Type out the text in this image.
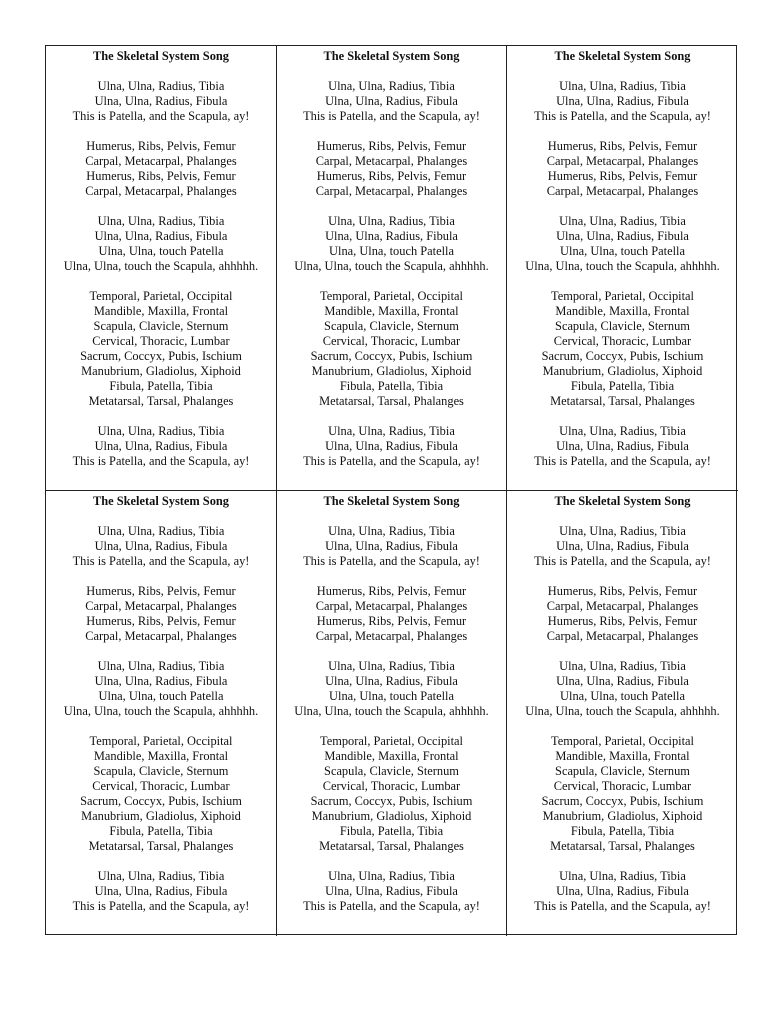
The Skeletal System Song
Ulna, Ulna, Radius, Tibia
Ulna, Ulna, Radius, Fibula
This is Patella, and the Scapula, ay!
Humerus, Ribs, Pelvis, Femur
Carpal, Metacarpal, Phalanges
Humerus, Ribs, Pelvis, Femur
Carpal, Metacarpal, Phalanges
Ulna, Ulna, Radius, Tibia
Ulna, Ulna, Radius, Fibula
Ulna, Ulna, touch Patella
Ulna, Ulna, touch the Scapula, ahhhhh.
Temporal, Parietal, Occipital
Mandible, Maxilla, Frontal
Scapula, Clavicle, Sternum
Cervical, Thoracic, Lumbar
Sacrum, Coccyx, Pubis, Ischium
Manubrium, Gladiolus, Xiphoid
Fibula, Patella, Tibia
Metatarsal, Tarsal, Phalanges
Ulna, Ulna, Radius, Tibia
Ulna, Ulna, Radius, Fibula
This is Patella, and the Scapula, ay!
The Skeletal System Song
Ulna, Ulna, Radius, Tibia
Ulna, Ulna, Radius, Fibula
This is Patella, and the Scapula, ay!
Humerus, Ribs, Pelvis, Femur
Carpal, Metacarpal, Phalanges
Humerus, Ribs, Pelvis, Femur
Carpal, Metacarpal, Phalanges
Ulna, Ulna, Radius, Tibia
Ulna, Ulna, Radius, Fibula
Ulna, Ulna, touch Patella
Ulna, Ulna, touch the Scapula, ahhhhh.
Temporal, Parietal, Occipital
Mandible, Maxilla, Frontal
Scapula, Clavicle, Sternum
Cervical, Thoracic, Lumbar
Sacrum, Coccyx, Pubis, Ischium
Manubrium, Gladiolus, Xiphoid
Fibula, Patella, Tibia
Metatarsal, Tarsal, Phalanges
Ulna, Ulna, Radius, Tibia
Ulna, Ulna, Radius, Fibula
This is Patella, and the Scapula, ay!
The Skeletal System Song
Ulna, Ulna, Radius, Tibia
Ulna, Ulna, Radius, Fibula
This is Patella, and the Scapula, ay!
Humerus, Ribs, Pelvis, Femur
Carpal, Metacarpal, Phalanges
Humerus, Ribs, Pelvis, Femur
Carpal, Metacarpal, Phalanges
Ulna, Ulna, Radius, Tibia
Ulna, Ulna, Radius, Fibula
Ulna, Ulna, touch Patella
Ulna, Ulna, touch the Scapula, ahhhhh.
Temporal, Parietal, Occipital
Mandible, Maxilla, Frontal
Scapula, Clavicle, Sternum
Cervical, Thoracic, Lumbar
Sacrum, Coccyx, Pubis, Ischium
Manubrium, Gladiolus, Xiphoid
Fibula, Patella, Tibia
Metatarsal, Tarsal, Phalanges
Ulna, Ulna, Radius, Tibia
Ulna, Ulna, Radius, Fibula
This is Patella, and the Scapula, ay!
The Skeletal System Song
Ulna, Ulna, Radius, Tibia
Ulna, Ulna, Radius, Fibula
This is Patella, and the Scapula, ay!
Humerus, Ribs, Pelvis, Femur
Carpal, Metacarpal, Phalanges
Humerus, Ribs, Pelvis, Femur
Carpal, Metacarpal, Phalanges
Ulna, Ulna, Radius, Tibia
Ulna, Ulna, Radius, Fibula
Ulna, Ulna, touch Patella
Ulna, Ulna, touch the Scapula, ahhhhh.
Temporal, Parietal, Occipital
Mandible, Maxilla, Frontal
Scapula, Clavicle, Sternum
Cervical, Thoracic, Lumbar
Sacrum, Coccyx, Pubis, Ischium
Manubrium, Gladiolus, Xiphoid
Fibula, Patella, Tibia
Metatarsal, Tarsal, Phalanges
Ulna, Ulna, Radius, Tibia
Ulna, Ulna, Radius, Fibula
This is Patella, and the Scapula, ay!
The Skeletal System Song
Ulna, Ulna, Radius, Tibia
Ulna, Ulna, Radius, Fibula
This is Patella, and the Scapula, ay!
Humerus, Ribs, Pelvis, Femur
Carpal, Metacarpal, Phalanges
Humerus, Ribs, Pelvis, Femur
Carpal, Metacarpal, Phalanges
Ulna, Ulna, Radius, Tibia
Ulna, Ulna, Radius, Fibula
Ulna, Ulna, touch Patella
Ulna, Ulna, touch the Scapula, ahhhhh.
Temporal, Parietal, Occipital
Mandible, Maxilla, Frontal
Scapula, Clavicle, Sternum
Cervical, Thoracic, Lumbar
Sacrum, Coccyx, Pubis, Ischium
Manubrium, Gladiolus, Xiphoid
Fibula, Patella, Tibia
Metatarsal, Tarsal, Phalanges
Ulna, Ulna, Radius, Tibia
Ulna, Ulna, Radius, Fibula
This is Patella, and the Scapula, ay!
The Skeletal System Song
Ulna, Ulna, Radius, Tibia
Ulna, Ulna, Radius, Fibula
This is Patella, and the Scapula, ay!
Humerus, Ribs, Pelvis, Femur
Carpal, Metacarpal, Phalanges
Humerus, Ribs, Pelvis, Femur
Carpal, Metacarpal, Phalanges
Ulna, Ulna, Radius, Tibia
Ulna, Ulna, Radius, Fibula
Ulna, Ulna, touch Patella
Ulna, Ulna, touch the Scapula, ahhhhh.
Temporal, Parietal, Occipital
Mandible, Maxilla, Frontal
Scapula, Clavicle, Sternum
Cervical, Thoracic, Lumbar
Sacrum, Coccyx, Pubis, Ischium
Manubrium, Gladiolus, Xiphoid
Fibula, Patella, Tibia
Metatarsal, Tarsal, Phalanges
Ulna, Ulna, Radius, Tibia
Ulna, Ulna, Radius, Fibula
This is Patella, and the Scapula, ay!
